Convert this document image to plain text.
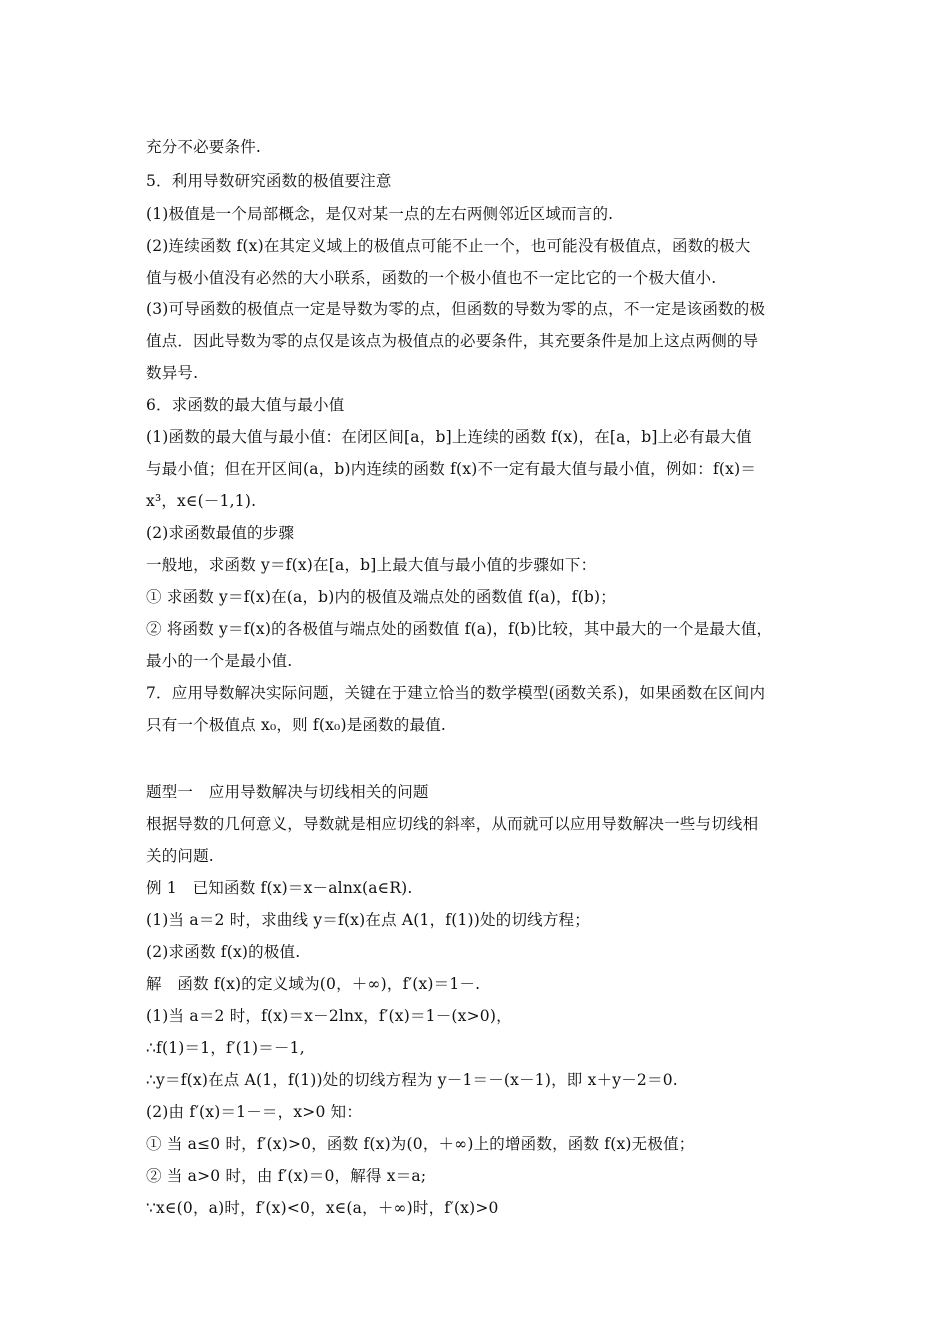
充分不必要条件.
5．利用导数研究函数的极值要注意
(1)极值是一个局部概念，是仅对某一点的左右两侧邻近区域而言的.
(2)连续函数 f(x)在其定义域上的极值点可能不止一个，也可能没有极值点，函数的极大
值与极小值没有必然的大小联系，函数的一个极小值也不一定比它的一个极大值小.
(3)可导函数的极值点一定是导数为零的点，但函数的导数为零的点，不一定是该函数的极
值点．因此导数为零的点仅是该点为极值点的必要条件，其充要条件是加上这点两侧的导
数异号.
6．求函数的最大值与最小值
(1)函数的最大值与最小值：在闭区间[a，b]上连续的函数 f(x)，在[a，b]上必有最大值
与最小值；但在开区间(a，b)内连续的函数 f(x)不一定有最大值与最小值，例如：f(x)＝
x³，x∈(－1,1).
(2)求函数最值的步骤
一般地，求函数 y＝f(x)在[a，b]上最大值与最小值的步骤如下：
① 求函数 y＝f(x)在(a，b)内的极值及端点处的函数值 f(a)，f(b)；
② 将函数 y＝f(x)的各极值与端点处的函数值 f(a)，f(b)比较，其中最大的一个是最大值，
最小的一个是最小值.
7．应用导数解决实际问题，关键在于建立恰当的数学模型(函数关系)，如果函数在区间内
只有一个极值点 x₀，则 f(x₀)是函数的最值.
题型一　应用导数解决与切线相关的问题
根据导数的几何意义，导数就是相应切线的斜率，从而就可以应用导数解决一些与切线相
关的问题.
例 1　已知函数 f(x)＝x－alnx(a∈R).
(1)当 a＝2 时，求曲线 y＝f(x)在点 A(1，f(1))处的切线方程；
(2)求函数 f(x)的极值.
解　函数 f(x)的定义域为(0，＋∞)，f′(x)＝1－.
(1)当 a＝2 时，f(x)＝x－2lnx，f′(x)＝1－(x>0)，
∴f(1)＝1，f′(1)＝－1,
∴y＝f(x)在点 A(1，f(1))处的切线方程为 y－1＝－(x－1)，即 x＋y－2＝0.
(2)由 f′(x)＝1－＝，x>0 知：
① 当 a≤0 时，f′(x)>0，函数 f(x)为(0，＋∞)上的增函数，函数 f(x)无极值；
② 当 a>0 时，由 f′(x)＝0，解得 x＝a;
∵x∈(0，a)时，f′(x)<0，x∈(a，＋∞)时，f′(x)>0
